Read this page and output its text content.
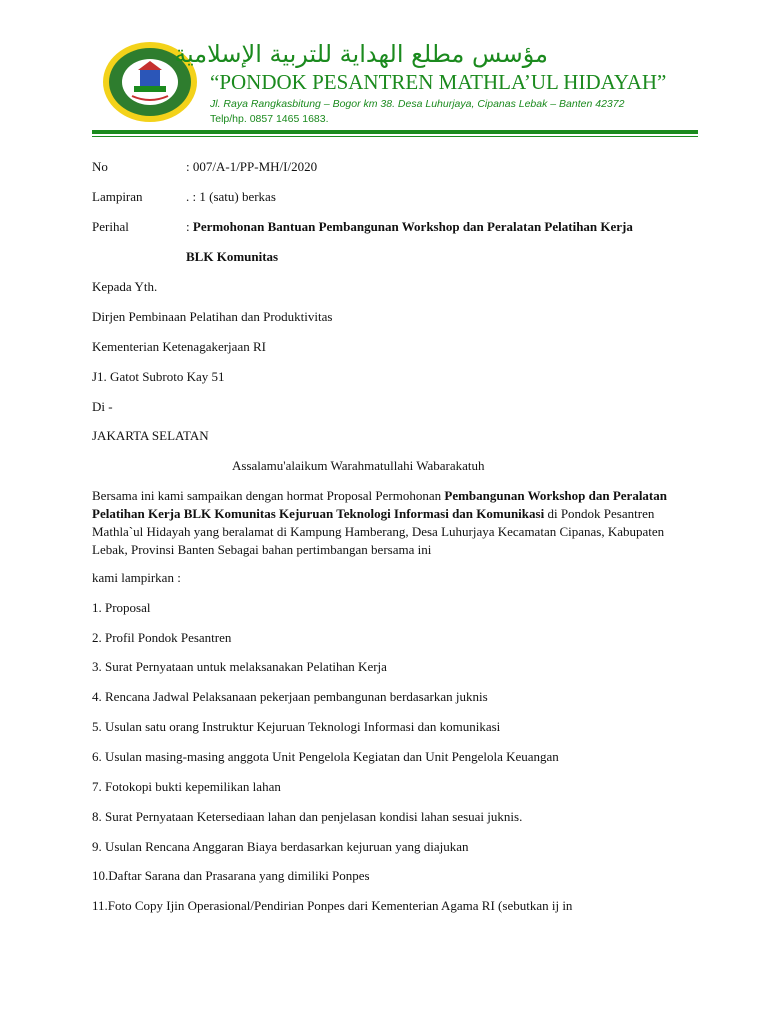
مؤسس مطلع الهداية للتربية الإسلامية
“PONDOK PESANTREN MATHLA’UL HIDAYAH”
Jl. Raya Rangkasbitung – Bogor km 38. Desa Luhurjaya, Cipanas Lebak – Banten 42372
Telp/hp. 0857 1465 1683.
No	: 007/A-1/PP-MH/I/2020
Lampiran	. : 1 (satu) berkas
Perihal	: Permohonan Bantuan Pembangunan Workshop dan Peralatan Pelatihan Kerja
BLK Komunitas
Kepada Yth.
Dirjen Pembinaan Pelatihan dan Produktivitas
Kementerian Ketenagakerjaan RI
J1. Gatot Subroto Kay 51
Di -
JAKARTA SELATAN
Assalamu'alaikum Warahmatullahi Wabarakatuh
Bersama ini kami sampaikan dengan hormat Proposal Permohonan Pembangunan Workshop dan Peralatan Pelatihan Kerja BLK Komunitas Kejuruan Teknologi Informasi dan Komunikasi di Pondok Pesantren Mathla`ul Hidayah yang beralamat di Kampung Hamberang, Desa Luhurjaya Kecamatan Cipanas, Kabupaten Lebak, Provinsi Banten Sebagai bahan pertimbangan bersama ini
kami lampirkan :
1. Proposal
2. Profil Pondok Pesantren
3. Surat Pernyataan untuk melaksanakan Pelatihan Kerja
4. Rencana Jadwal Pelaksanaan pekerjaan pembangunan berdasarkan juknis
5. Usulan satu orang Instruktur Kejuruan Teknologi Informasi dan komunikasi
6. Usulan masing-masing anggota Unit Pengelola Kegiatan dan Unit Pengelola Keuangan
7. Fotokopi bukti kepemilikan lahan
8. Surat Pernyataan Ketersediaan lahan dan penjelasan kondisi lahan sesuai juknis.
9. Usulan Rencana Anggaran Biaya berdasarkan kejuruan yang diajukan
10.Daftar Sarana dan Prasarana yang dimiliki Ponpes
11.Foto Copy Ijin Operasional/Pendirian Ponpes dari Kementerian Agama RI (sebutkan ij in
